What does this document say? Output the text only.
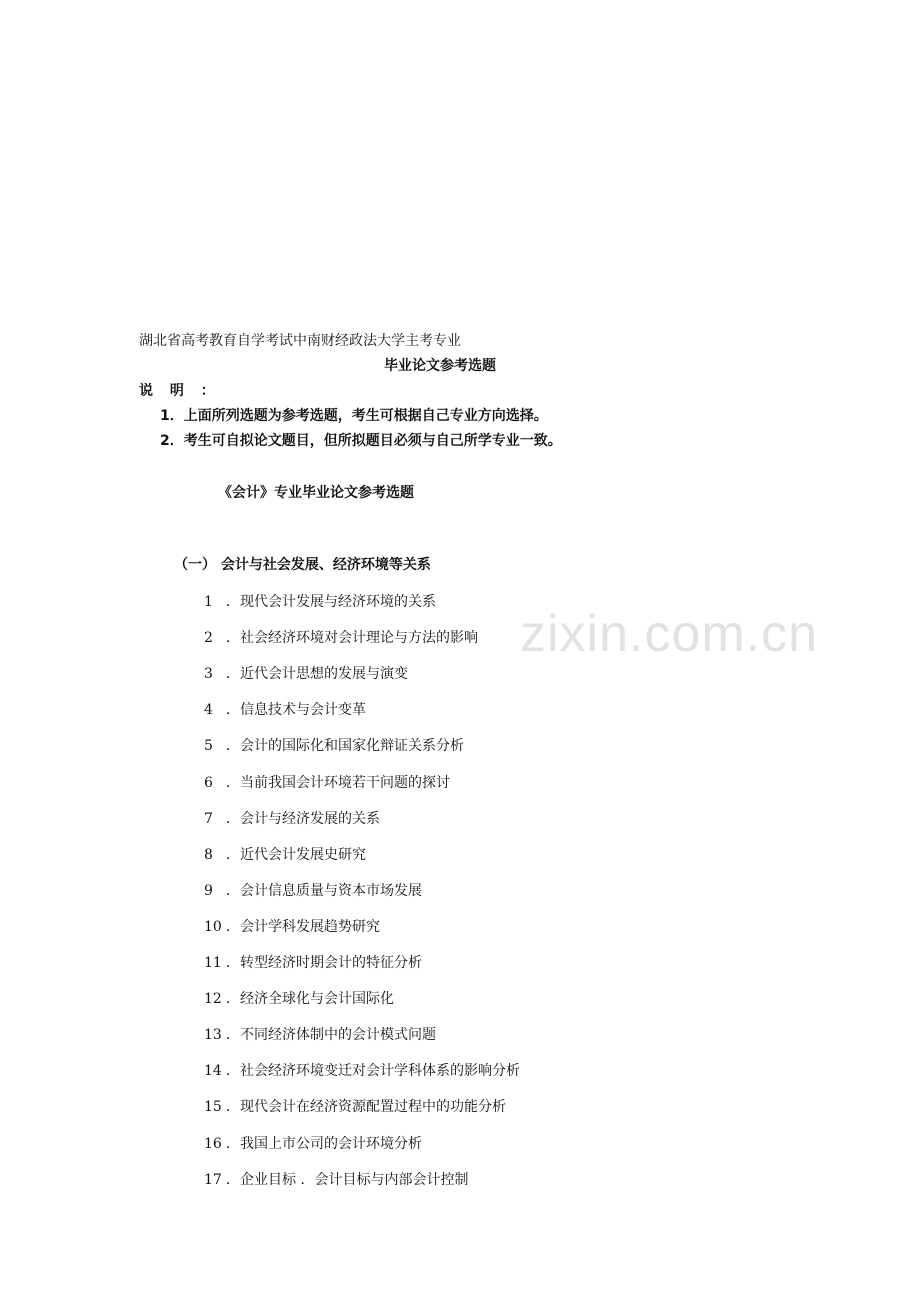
zixin.com.cn
湖北省高考教育自学考试中南财经政法大学主考专业
毕业论文参考选题
说 明 ：
1．上面所列选题为参考选题，考生可根据自己专业方向选择。
2．考生可自拟论文题目，但所拟题目必须与自己所学专业一致。
《会计》专业毕业论文参考选题
（一） 会计与社会发展、经济环境等关系
1 ．现代会计发展与经济环境的关系
2 ．社会经济环境对会计理论与方法的影响
3 ．近代会计思想的发展与演变
4 ．信息技术与会计变革
5 ．会计的国际化和国家化辩证关系分析
6 ．当前我国会计环境若干问题的探讨
7 ．会计与经济发展的关系
8 ．近代会计发展史研究
9 ．会计信息质量与资本市场发展
10 ．会计学科发展趋势研究
11 ．转型经济时期会计的特征分析
12 ．经济全球化与会计国际化
13 ．不同经济体制中的会计模式问题
14 ．社会经济环境变迁对会计学科体系的影响分析
15 ．现代会计在经济资源配置过程中的功能分析
16 ．我国上市公司的会计环境分析
17 ．企业目标 ．会计目标与内部会计控制
